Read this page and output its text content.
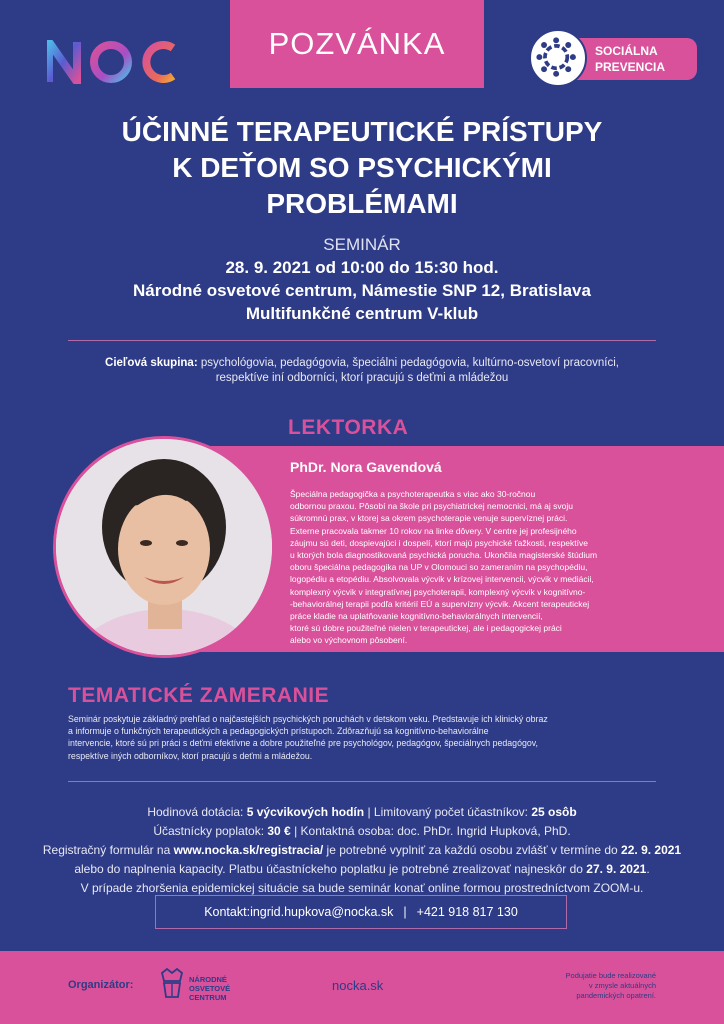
POZVÁNKA	SOCIÁLNA
PREVENCIA
ÚČINNÉ TERAPEUTICKÉ PRÍSTUPY
K DEŤOM SO PSYCHICKÝMI
PROBLÉMAMI
SEMINÁR
28. 9. 2021 od 10:00 do 15:30 hod.
Národné osvetové centrum, Námestie SNP 12, Bratislava
Multifunkčné centrum V-klub
Cieľová skupina: psychológovia, pedagógovia, špeciálni pedagógovia, kultúrno-osvetoví pracovníci,
respektíve iní odborníci, ktorí pracujú s deťmi a mládežou
LEKTORKA
PhDr. Nora Gavendová
Špeciálna pedagogička a psychoterapeutka s viac ako 30-ročnou
odbornou praxou. Pôsobí na škole pri psychiatrickej nemocnici, má aj svoju
súkromnú prax, v ktorej sa okrem psychoterapie venuje supervíznej práci.
Externe pracovala takmer 10 rokov na linke dôvery. V centre jej profesijného
záujmu sú deti, dospievajúci i dospelí, ktorí majú psychické ťažkosti, respektíve
u ktorých bola diagnostikovaná psychická porucha. Ukončila magisterské štúdium
oboru špeciálna pedagogika na UP v Olomouci so zameraním na psychopédiu,
logopédiu a etopédiu. Absolvovala výcvik v krízovej intervencii, výcvik v mediácii,
komplexný výcvik v integratívnej psychoterapii, komplexný výcvik v kognitívno-
-behaviorálnej terapii podľa kritérií EÚ a supervízny výcvik. Akcent terapeutickej
práce kladie na uplatňovanie kognitívno-behaviorálnych intervencií,
ktoré sú dobre použiteľné nielen v terapeutickej, ale i pedagogickej práci
alebo vo výchovnom pôsobení.
TEMATICKÉ ZAMERANIE
Seminár poskytuje základný prehľad o najčastejších psychických poruchách v detskom veku. Predstavuje ich klinický obraz
a informuje o funkčných terapeutických a pedagogických prístupoch. Zdôrazňujú sa kognitívno-behaviorálne
intervencie, ktoré sú pri práci s deťmi efektívne a dobre použiteľné pre psychológov, pedagógov, špeciálnych pedagógov,
respektíve iných odborníkov, ktorí pracujú s deťmi a mládežou.
Hodinová dotácia: 5 výcvikových hodín | Limitovaný počet účastníkov: 25 osôb
Účastnícky poplatok: 30 € | Kontaktná osoba: doc. PhDr. Ingrid Hupková, PhD.
Registračný formulár na www.nocka.sk/registracia/ je potrebné vyplniť za každú osobu zvlášť v termíne do 22. 9. 2021
alebo do naplnenia kapacity. Platbu účastníckeho poplatku je potrebné zrealizovať najneskôr do 27. 9. 2021.
V prípade zhoršenia epidemickej situácie sa bude seminár konať online formou prostredníctvom ZOOM-u.
Kontakt: ingrid.hupkova@nocka.sk | +421 918 817 130
Organizátor:	NÁRODNÉ
OSVETOVÉ
CENTRUM
nocka.sk
Podujatie bude realizované
v zmysle aktuálnych
pandemických opatrení.
